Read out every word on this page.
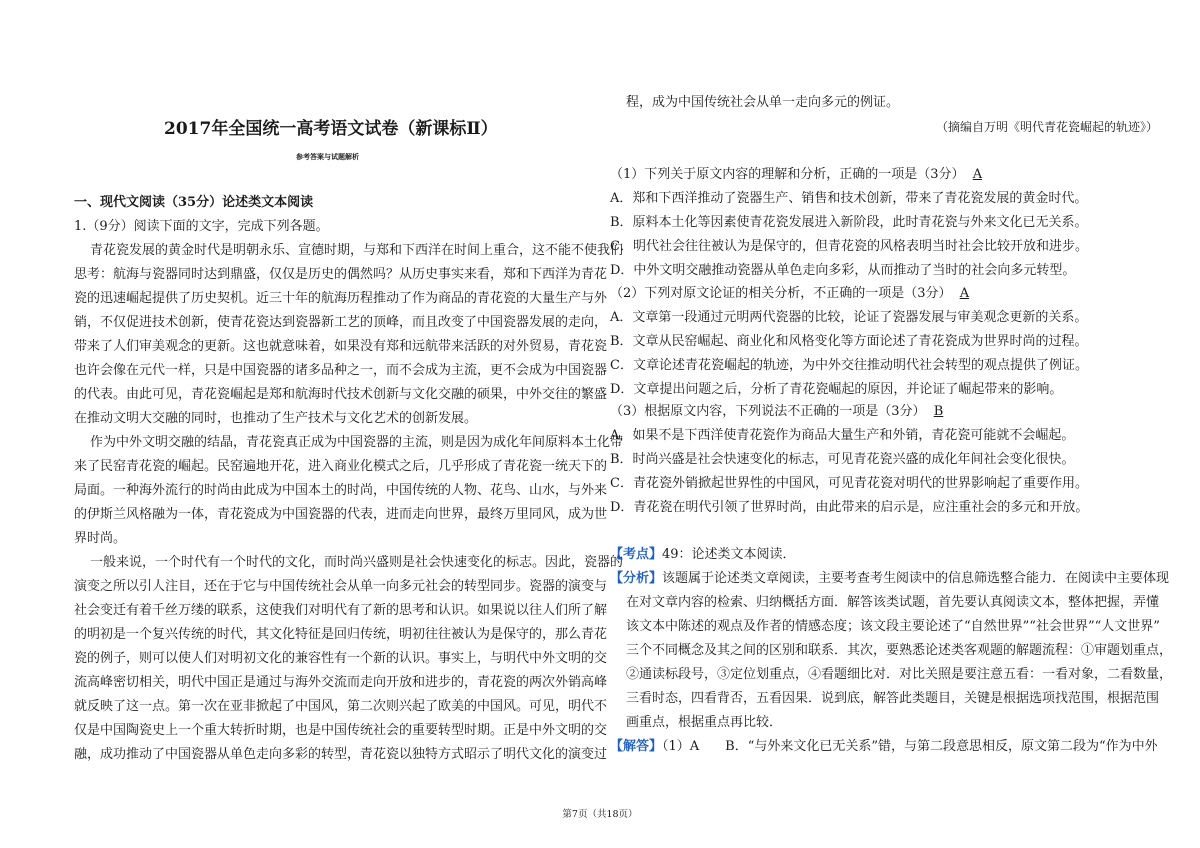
2017年全国统一高考语文试卷（新课标Ⅱ）
参考答案与试题解析
一、现代文阅读（35分）论述类文本阅读
1.（9分）阅读下面的文字，完成下列各题。
青花瓷发展的黄金时代是明朝永乐、宣德时期，与郑和下西洋在时间上重合，这不能不使我们
思考：航海与瓷器同时达到鼎盛，仅仅是历史的偶然吗？从历史事实来看，郑和下西洋为青花
瓷的迅速崛起提供了历史契机。近三十年的航海历程推动了作为商品的青花瓷的大量生产与外
销，不仅促进技术创新，使青花瓷达到瓷器新工艺的顶峰，而且改变了中国瓷器发展的走向，
带来了人们审美观念的更新。这也就意味着，如果没有郑和远航带来活跃的对外贸易，青花瓷
也许会像在元代一样，只是中国瓷器的诸多品种之一，而不会成为主流，更不会成为中国瓷器
的代表。由此可见，青花瓷崛起是郑和航海时代技术创新与文化交融的硕果，中外交往的繁盛
在推动文明大交融的同时，也推动了生产技术与文化艺术的创新发展。
作为中外文明交融的结晶，青花瓷真正成为中国瓷器的主流，则是因为成化年间原料本土化带
来了民窑青花瓷的崛起。民窑遍地开花，进入商业化模式之后，几乎形成了青花瓷一统天下的
局面。一种海外流行的时尚由此成为中国本土的时尚，中国传统的人物、花鸟、山水，与外来
的伊斯兰风格融为一体，青花瓷成为中国瓷器的代表，进而走向世界，最终万里同风，成为世
界时尚。
一般来说，一个时代有一个时代的文化，而时尚兴盛则是社会快速变化的标志。因此，瓷器的
演变之所以引人注目，还在于它与中国传统社会从单一向多元社会的转型同步。瓷器的演变与
社会变迁有着千丝万缕的联系，这使我们对明代有了新的思考和认识。如果说以往人们所了解
的明初是一个复兴传统的时代，其文化特征是回归传统，明初往往被认为是保守的，那么青花
瓷的例子，则可以使人们对明初文化的兼容性有一个新的认识。事实上，与明代中外文明的交
流高峰密切相关，明代中国正是通过与海外交流而走向开放和进步的，青花瓷的两次外销高峰
就反映了这一点。第一次在亚非掀起了中国风，第二次则兴起了欧美的中国风。可见，明代不
仅是中国陶瓷史上一个重大转折时期，也是中国传统社会的重要转型时期。正是中外文明的交
融，成功推动了中国瓷器从单色走向多彩的转型，青花瓷以独特方式昭示了明代文化的演变过
程，成为中国传统社会从单一走向多元的例证。
（摘编自万明《明代青花瓷崛起的轨迹》）
（1）下列关于原文内容的理解和分析，正确的一项是（3分） A
A．郑和下西洋推动了瓷器生产、销售和技术创新，带来了青花瓷发展的黄金时代。
B．原料本土化等因素使青花瓷发展进入新阶段，此时青花瓷与外来文化已无关系。
C．明代社会往往被认为是保守的，但青花瓷的风格表明当时社会比较开放和进步。
D．中外文明交融推动瓷器从单色走向多彩，从而推动了当时的社会向多元转型。
（2）下列对原文论证的相关分析，不正确的一项是（3分） A
A．文章第一段通过元明两代瓷器的比较，论证了瓷器发展与审美观念更新的关系。
B．文章从民窑崛起、商业化和风格变化等方面论述了青花瓷成为世界时尚的过程。
C．文章论述青花瓷崛起的轨迹，为中外交往推动明代社会转型的观点提供了例证。
D．文章提出问题之后，分析了青花瓷崛起的原因，并论证了崛起带来的影响。
（3）根据原文内容，下列说法不正确的一项是（3分） B
A．如果不是下西洋使青花瓷作为商品大量生产和外销，青花瓷可能就不会崛起。
B．时尚兴盛是社会快速变化的标志，可见青花瓷兴盛的成化年间社会变化很快。
C．青花瓷外销掀起世界性的中国风，可见青花瓷对明代的世界影响起了重要作用。
D．青花瓷在明代引领了世界时尚，由此带来的启示是，应注重社会的多元和开放。
【考点】49：论述类文本阅读．
【分析】该题属于论述类文章阅读，主要考查考生阅读中的信息筛选整合能力．在阅读中主要体现
在对文章内容的检索、归纳概括方面．解答该类试题，首先要认真阅读文本，整体把握，弄懂
该文本中陈述的观点及作者的情感态度；该文段主要论述了“自然世界”“社会世界”“人文世界”
三个不同概念及其之间的区别和联系．其次，要熟悉论述类客观题的解题流程：①审题划重点，
②通读标段号，③定位划重点，④看题细比对．对比关照是要注意五看：一看对象，二看数量，
三看时态，四看背否，五看因果．说到底，解答此类题目，关键是根据选项找范围，根据范围
画重点，根据重点再比较．
【解答】（1）A　　B．“与外来文化已无关系”错，与第二段意思相反，原文第二段为“作为中外
第7页（共18页）
